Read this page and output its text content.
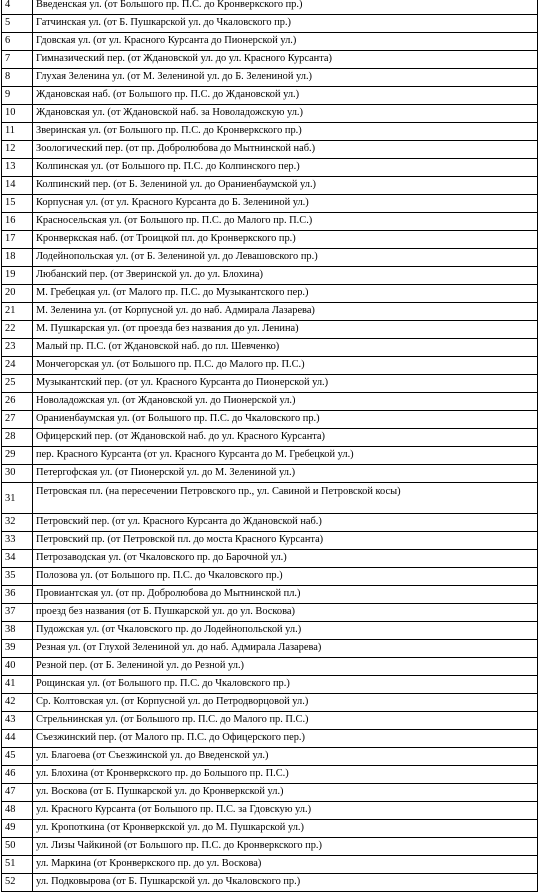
4	Введенская ул. (от Большого пр. П.С. до Кронверкского пр.)
5	Гатчинская ул. (от Б. Пушкарской ул. до Чкаловского пр.)
6	Гдовская ул. (от ул. Красного Курсанта до Пионерской ул.)
7	Гимназический пер. (от Ждановской ул. до ул. Красного Курсанта)
8	Глухая Зеленина ул. (от М. Зелениной ул. до Б. Зелениной ул.)
9	Ждановская наб. (от Большого пр. П.С. до Ждановской ул.)
10	Ждановская ул. (от Ждановской наб. за Новоладожскую ул.)
11	Зверинская ул. (от Большого пр. П.С. до Кронверкского пр.)
12	Зоологический пер. (от пр. Добролюбова до Мытнинской наб.)
13	Колпинская ул. (от Большого пр. П.С. до Колпинского пер.)
14	Колпинский пер. (от Б. Зелениной ул. до Ораниенбаумской ул.)
15	Корпусная ул. (от ул. Красного Курсанта до Б. Зелениной ул.)
16	Красносельская ул. (от Большого пр. П.С. до Малого пр. П.С.)
17	Кронверкская наб. (от Троицкой пл. до Кронверкского пр.)
18	Лодейнопольская ул. (от Б. Зелениной ул. до Левашовского пр.)
19	Любанский пер. (от Зверинской ул. до ул. Блохина)
20	М. Гребецкая ул. (от Малого пр. П.С. до Музыкантского пер.)
21	М. Зеленина ул. (от Корпусной ул. до наб. Адмирала Лазарева)
22	М. Пушкарская ул. (от проезда без названия до ул. Ленина)
23	Малый пр. П.С. (от Ждановской наб. до пл. Шевченко)
24	Мончегорская ул. (от Большого пр. П.С. до Малого пр. П.С.)
25	Музыкантский пер. (от ул. Красного Курсанта до Пионерской ул.)
26	Новоладожская ул. (от Ждановской ул. до Пионерской ул.)
27	Ораниенбаумская ул. (от Большого пр. П.С. до Чкаловского пр.)
28	Офицерский пер. (от Ждановской наб. до ул. Красного Курсанта)
29	пер. Красного Курсанта (от ул. Красного Курсанта до М. Гребецкой ул.)
30	Петергофская ул. (от Пионерской ул. до М. Зелениной ул.)
31	Петровская пл. (на пересечении Петровского пр., ул. Савиной и Петровской косы)
32	Петровский пер. (от ул. Красного Курсанта до Ждановской наб.)
33	Петровский пр. (от Петровской пл. до моста Красного Курсанта)
34	Петрозаводская ул. (от Чкаловского пр. до Барочной ул.)
35	Полозова ул. (от Большого пр. П.С. до Чкаловского пр.)
36	Провиантская ул. (от пр. Добролюбова до Мытнинской пл.)
37	проезд без названия (от Б. Пушкарской ул. до ул. Воскова)
38	Пудожская ул. (от Чкаловского пр. до Лодейнопольской ул.)
39	Резная ул. (от Глухой Зелениной ул. до наб. Адмирала Лазарева)
40	Резной пер. (от Б. Зелениной ул. до Резной ул.)
41	Рощинская ул. (от Большого пр. П.С. до Чкаловского пр.)
42	Ср. Колтовская ул. (от Корпусной ул. до Петродворцовой ул.)
43	Стрельнинская ул. (от Большого пр. П.С. до Малого пр. П.С.)
44	Съезжинский пер. (от Малого пр. П.С. до Офицерского пер.)
45	ул. Благоева (от Съезжинской ул. до Введенской ул.)
46	ул. Блохина (от Кронверкского пр. до Большого пр. П.С.)
47	ул. Воскова (от Б. Пушкарской ул. до Кронверкской ул.)
48	ул. Красного Курсанта (от Большого пр. П.С. за Гдовскую ул.)
49	ул. Кропоткина (от Кронверкской ул. до М. Пушкарской ул.)
50	ул. Лизы Чайкиной (от Большого пр. П.С. до Кронверкского пр.)
51	ул. Маркина (от Кронверкского пр. до ул. Воскова)
52	ул. Подковырова (от Б. Пушкарской ул. до Чкаловского пр.)
